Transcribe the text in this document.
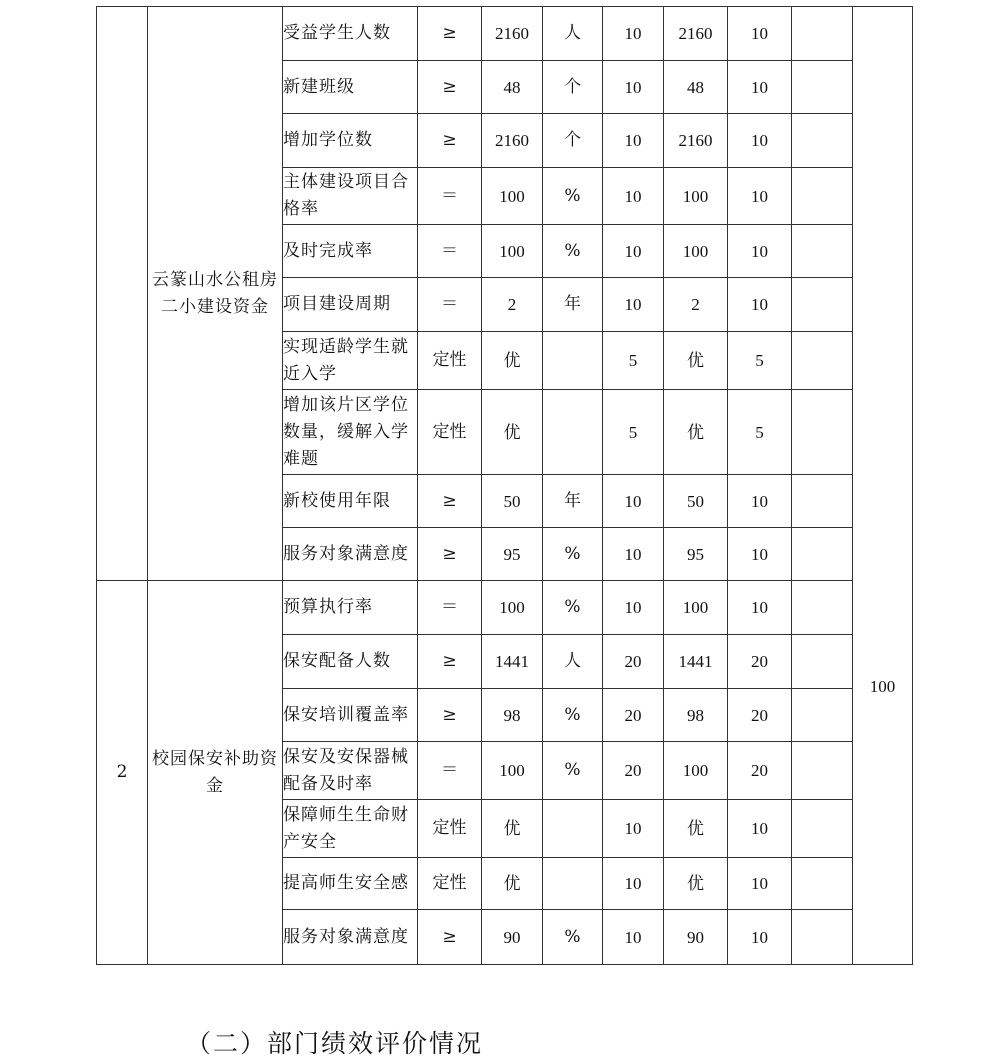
	云篆山水公租房二小建设资金	受益学生人数	≥	2160	人	10	2160	10		100
		新建班级	≥	48	个	10	48	10		
		增加学位数	≥	2160	个	10	2160	10		
		主体建设项目合格率	＝	100	%	10	100	10		
		及时完成率	＝	100	%	10	100	10		
		项目建设周期	＝	2	年	10	2	10		
		实现适龄学生就近入学	定性	优		5	优	5		
		增加该片区学位数量，缓解入学难题	定性	优		5	优	5		
		新校使用年限	≥	50	年	10	50	10		
		服务对象满意度	≥	95	%	10	95	10		
2	校园保安补助资金	预算执行率	＝	100	%	10	100	10		
		保安配备人数	≥	1441	人	20	1441	20		
		保安培训覆盖率	≥	98	%	20	98	20		
		保安及安保器械配备及时率	＝	100	%	20	100	20		
		保障师生生命财产安全	定性	优		10	优	10		
		提高师生安全感	定性	优		10	优	10		
		服务对象满意度	≥	90	%	10	90	10		
（二）部门绩效评价情况
